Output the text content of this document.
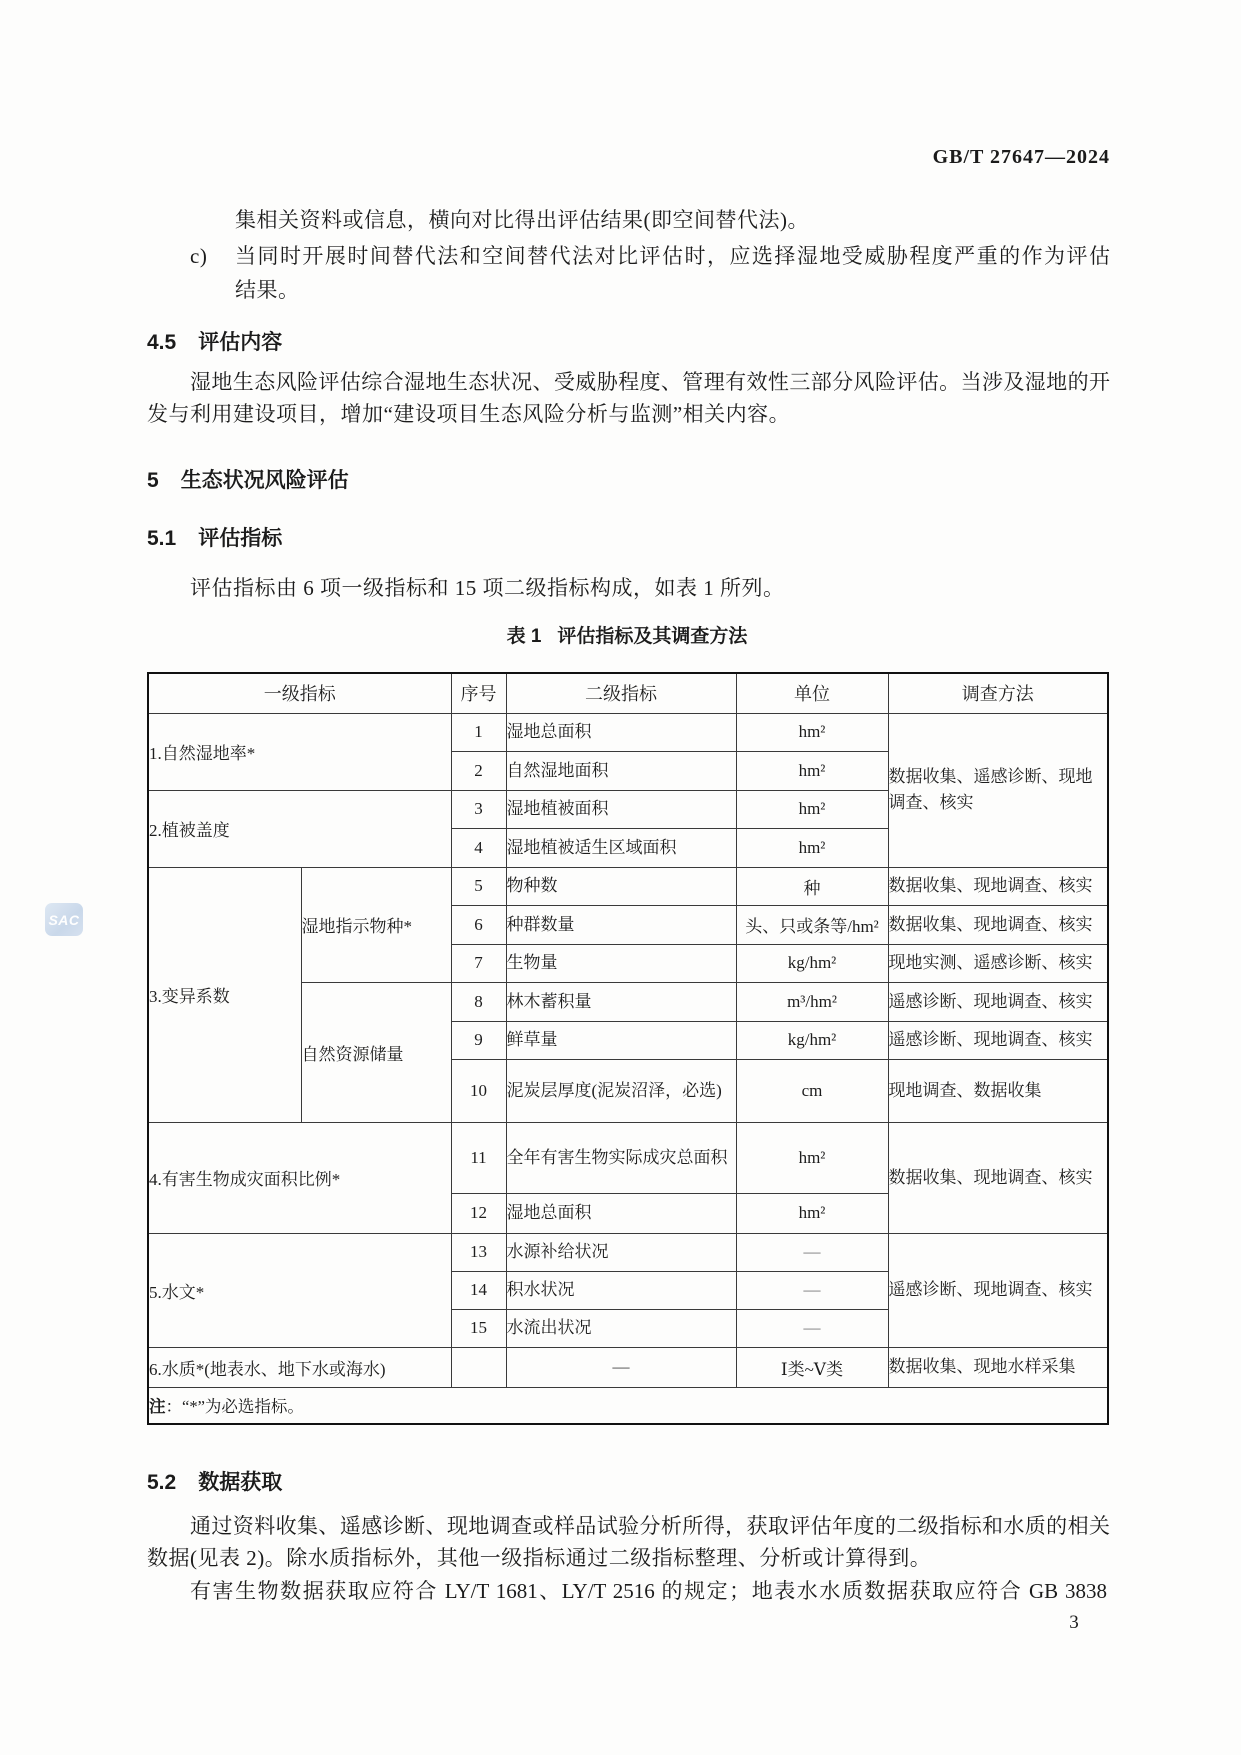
GB/T 27647—2024
SAC
集相关资料或信息，横向对比得出评估结果(即空间替代法)。
c) 当同时开展时间替代法和空间替代法对比评估时，应选择湿地受威胁程度严重的作为评估
结果。
4.5 评估内容
湿地生态风险评估综合湿地生态状况、受威胁程度、管理有效性三部分风险评估。当涉及湿地的开
发与利用建设项目，增加“建设项目生态风险分析与监测”相关内容。
5 生态状况风险评估
5.1 评估指标
评估指标由 6 项一级指标和 15 项二级指标构成，如表 1 所列。
表 1 评估指标及其调查方法
一级指标		序号	二级指标	单位	调查方法
1.自然湿地率*		1	湿地总面积	hm²	数据收集、遥感诊断、现地调查、核实
		2	自然湿地面积	hm²	
2.植被盖度		3	湿地植被面积	hm²	
		4	湿地植被适生区域面积	hm²	
3.变异系数	湿地指示物种*	5	物种数	种	数据收集、现地调查、核实
		6	种群数量	头、只或条等/hm²	数据收集、现地调查、核实
		7	生物量	kg/hm²	现地实测、遥感诊断、核实
	自然资源储量	8	林木蓄积量	m³/hm²	遥感诊断、现地调查、核实
		9	鲜草量	kg/hm²	遥感诊断、现地调查、核实
		10	泥炭层厚度(泥炭沼泽，必选)	cm	现地调查、数据收集
4.有害生物成灾面积比例*		11	全年有害生物实际成灾总面积	hm²	数据收集、现地调查、核实
		12	湿地总面积	hm²	
5.水文*		13	水源补给状况	—	遥感诊断、现地调查、核实
		14	积水状况	—	
		15	水流出状况	—	
6.水质*(地表水、地下水或海水)			—	Ⅰ类~Ⅴ类	数据收集、现地水样采集
注：“*”为必选指标。					
5.2 数据获取
通过资料收集、遥感诊断、现地调查或样品试验分析所得，获取评估年度的二级指标和水质的相关
数据(见表 2)。除水质指标外，其他一级指标通过二级指标整理、分析或计算得到。
有害生物数据获取应符合 LY/T 1681、LY/T 2516 的规定；地表水水质数据获取应符合 GB 3838
3
